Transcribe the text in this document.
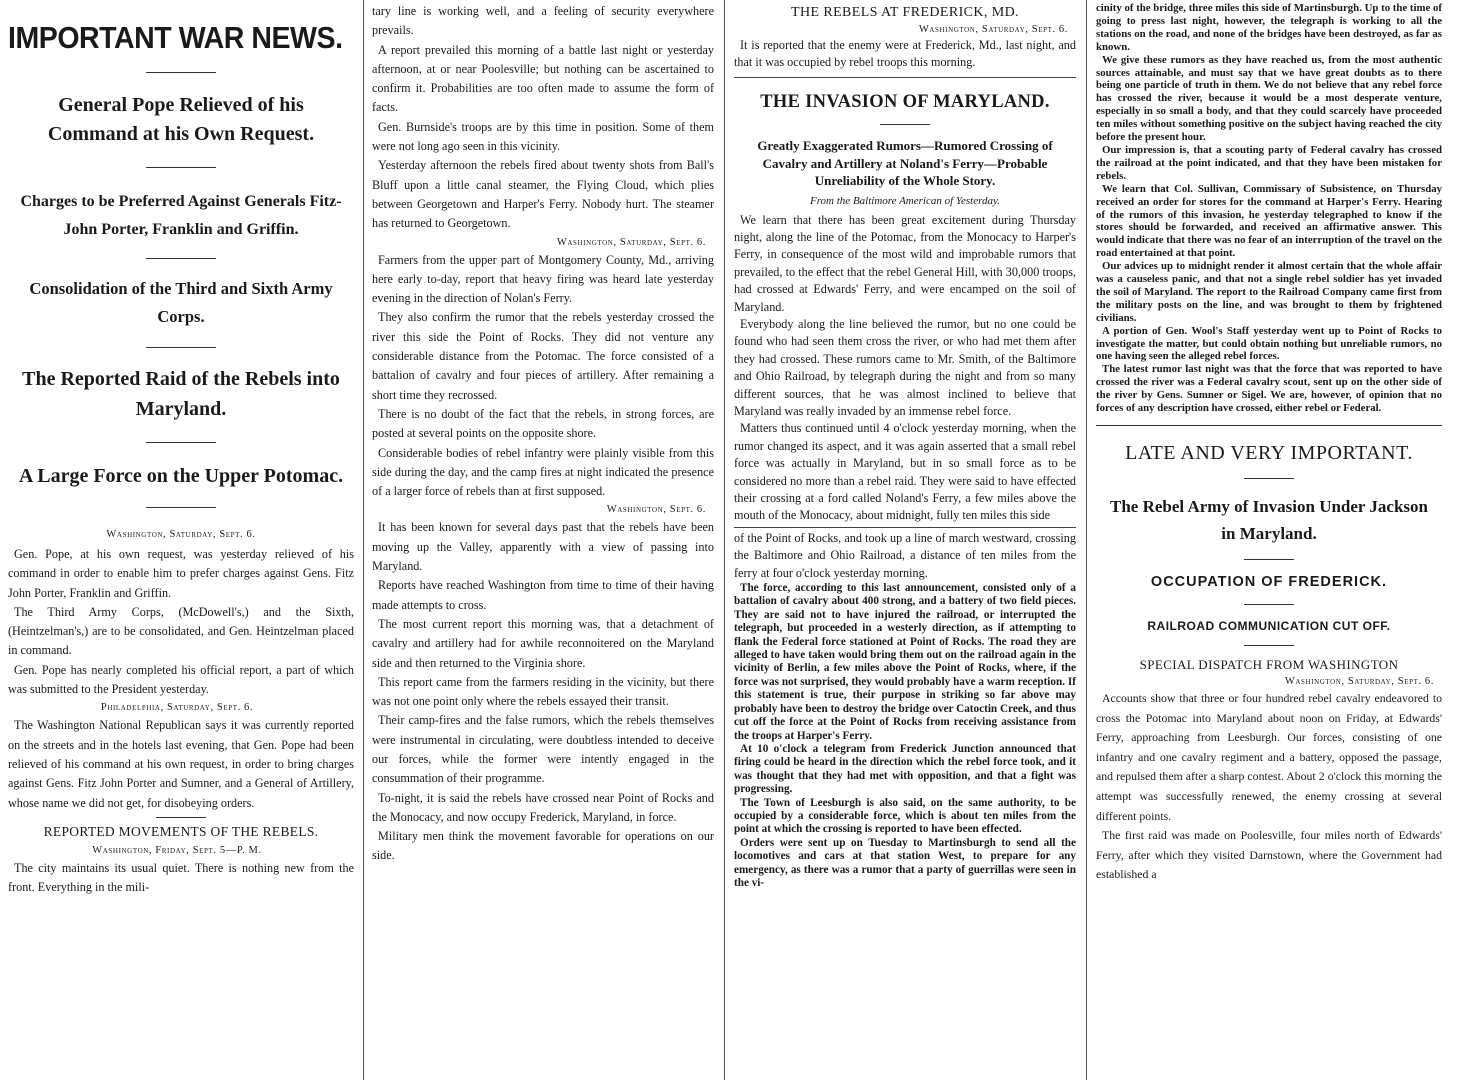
IMPORTANT WAR NEWS.
General Pope Relieved of his Command at his Own Request.
Charges to be Preferred Against Generals Fitz-John Porter, Franklin and Griffin.
Consolidation of the Third and Sixth Army Corps.
The Reported Raid of the Rebels into Maryland.
A Large Force on the Upper Potomac.

Washington, Saturday, Sept. 6.

Gen. Pope, at his own request, was yesterday relieved of his command in order to enable him to prefer charges against Gens. Fitz John Porter, Franklin and Griffin.

The Third Army Corps, (McDowell's,) and the Sixth, (Heintzelman's,) are to be consolidated, and Gen. Heintzelman placed in command.

Gen. Pope has nearly completed his official report, a part of which was submitted to the President yesterday.

Philadelphia, Saturday, Sept. 6.

The Washington National Republican says it was currently reported on the streets and in the hotels last evening, that Gen. Pope had been relieved of his command at his own request, in order to bring charges against Gens. Fitz John Porter and Sumner, and a General of Artillery, whose name we did not get, for disobeying orders.

REPORTED MOVEMENTS OF THE REBELS.

Washington, Friday, Sept. 5—P. M.

The city maintains its usual quiet. There is nothing new from the front. Everything in the mili-

tary line is working well, and a feeling of security everywhere prevails.

A report prevailed this morning of a battle last night or yesterday afternoon, at or near Poolesville; but nothing can be ascertained to confirm it. Probabilities are too often made to assume the form of facts.

Gen. Burnside's troops are by this time in position. Some of them were not long ago seen in this vicinity.

Yesterday afternoon the rebels fired about twenty shots from Ball's Bluff upon a little canal steamer, the Flying Cloud, which plies between Georgetown and Harper's Ferry. Nobody hurt. The steamer has returned to Georgetown.

Washington, Saturday, Sept. 6.

Farmers from the upper part of Montgomery County, Md., arriving here early to-day, report that heavy firing was heard late yesterday evening in the direction of Nolan's Ferry.

They also confirm the rumor that the rebels yesterday crossed the river this side the Point of Rocks. They did not venture any considerable distance from the Potomac. The force consisted of a battalion of cavalry and four pieces of artillery. After remaining a short time they recrossed.

There is no doubt of the fact that the rebels, in strong forces, are posted at several points on the opposite shore.

Considerable bodies of rebel infantry were plainly visible from this side during the day, and the camp fires at night indicated the presence of a larger force of rebels than at first supposed.

Washington, Sept. 6.

It has been known for several days past that the rebels have been moving up the Valley, apparently with a view of passing into Maryland.

Reports have reached Washington from time to time of their having made attempts to cross.

The most current report this morning was, that a detachment of cavalry and artillery had for awhile reconnoitered on the Maryland side and then returned to the Virginia shore.

This report came from the farmers residing in the vicinity, but there was not one point only where the rebels essayed their transit.

Their camp-fires and the false rumors, which the rebels themselves were instrumental in circulating, were doubtless intended to deceive our forces, while the former were intently engaged in the consummation of their programme.

To-night, it is said the rebels have crossed near Point of Rocks and the Monocacy, and now occupy Frederick, Maryland, in force.

Military men think the movement favorable for operations on our side.

THE REBELS AT FREDERICK, MD.

Washington, Saturday, Sept. 6.

It is reported that the enemy were at Frederick, Md., last night, and that it was occupied by rebel troops this morning.

THE INVASION OF MARYLAND.
Greatly Exaggerated Rumors—Rumored Crossing of Cavalry and Artillery at Noland's Ferry—Probable Unreliability of the Whole Story.

From the Baltimore American of Yesterday.

We learn that there has been great excitement during Thursday night, along the line of the Potomac, from the Monocacy to Harper's Ferry, in consequence of the most wild and improbable rumors that prevailed, to the effect that the rebel General Hill, with 30,000 troops, had crossed at Edwards' Ferry, and were encamped on the soil of Maryland.

Everybody along the line believed the rumor, but no one could be found who had seen them cross the river, or who had met them after they had crossed. These rumors came to Mr. Smith, of the Baltimore and Ohio Railroad, by telegraph during the night and from so many different sources, that he was almost inclined to believe that Maryland was really invaded by an immense rebel force.

Matters thus continued until 4 o'clock yesterday morning, when the rumor changed its aspect, and it was again asserted that a small rebel force was actually in Maryland, but in so small force as to be considered no more than a rebel raid. They were said to have effected their crossing at a ford called Noland's Ferry, a few miles above the mouth of the Monocacy, about midnight, fully ten miles this side

of the Point of Rocks, and took up a line of march westward, crossing the Baltimore and Ohio Railroad, a distance of ten miles from the ferry at four o'clock yesterday morning.

The force, according to this last announcement, consisted only of a battalion of cavalry about 400 strong, and a battery of two field pieces. They are said not to have injured the railroad, or interrupted the telegraph, but proceeded in a westerly direction, as if attempting to flank the Federal force stationed at Point of Rocks. The road they are alleged to have taken would bring them out on the railroad again in the vicinity of Berlin, a few miles above the Point of Rocks, where, if the force was not surprised, they would probably have a warm reception. If this statement is true, their purpose in striking so far above may probably have been to destroy the bridge over Catoctin Creek, and thus cut off the force at the Point of Rocks from receiving assistance from the troops at Harper's Ferry.

At 10 o'clock a telegram from Frederick Junction announced that firing could be heard in the direction which the rebel force took, and it was thought that they had met with opposition, and that a fight was progressing.

The Town of Leesburgh is also said, on the same authority, to be occupied by a considerable force, which is about ten miles from the point at which the crossing is reported to have been effected.

Orders were sent up on Tuesday to Martinsburgh to send all the locomotives and cars at that station West, to prepare for any emergency, as there was a rumor that a party of guerrillas were seen in the vi-

cinity of the bridge, three miles this side of Martinsburgh. Up to the time of going to press last night, however, the telegraph is working to all the stations on the road, and none of the bridges have been destroyed, as far as known.

We give these rumors as they have reached us, from the most authentic sources attainable, and must say that we have great doubts as to there being one particle of truth in them. We do not believe that any rebel force has crossed the river, because it would be a most desperate venture, especially in so small a body, and that they could scarcely have proceeded ten miles without something positive on the subject having reached the city before the present hour.

Our impression is, that a scouting party of Federal cavalry has crossed the railroad at the point indicated, and that they have been mistaken for rebels.

We learn that Col. Sullivan, Commissary of Subsistence, on Thursday received an order for stores for the command at Harper's Ferry. Hearing of the rumors of this invasion, he yesterday telegraphed to know if the stores should be forwarded, and received an affirmative answer. This would indicate that there was no fear of an interruption of the travel on the road entertained at that point.

Our advices up to midnight render it almost certain that the whole affair was a causeless panic, and that not a single rebel soldier has yet invaded the soil of Maryland. The report to the Railroad Company came first from the military posts on the line, and was brought to them by frightened civilians.

A portion of Gen. Wool's Staff yesterday went up to Point of Rocks to investigate the matter, but could obtain nothing but unreliable rumors, no one having seen the alleged rebel forces.

The latest rumor last night was that the force that was reported to have crossed the river was a Federal cavalry scout, sent up on the other side of the river by Gens. Sumner or Sigel. We are, however, of opinion that no forces of any description have crossed, either rebel or Federal.

LATE AND VERY IMPORTANT.
The Rebel Army of Invasion Under Jackson in Maryland.
OCCUPATION OF FREDERICK.
RAILROAD COMMUNICATION CUT OFF.
SPECIAL DISPATCH FROM WASHINGTON

Washington, Saturday, Sept. 6.

Accounts show that three or four hundred rebel cavalry endeavored to cross the Potomac into Maryland about noon on Friday, at Edwards' Ferry, approaching from Leesburgh. Our forces, consisting of one infantry and one cavalry regiment and a battery, opposed the passage, and repulsed them after a sharp contest. About 2 o'clock this morning the attempt was successfully renewed, the enemy crossing at several different points.

The first raid was made on Poolesville, four miles north of Edwards' Ferry, after which they visited Darnstown, where the Government had established a
